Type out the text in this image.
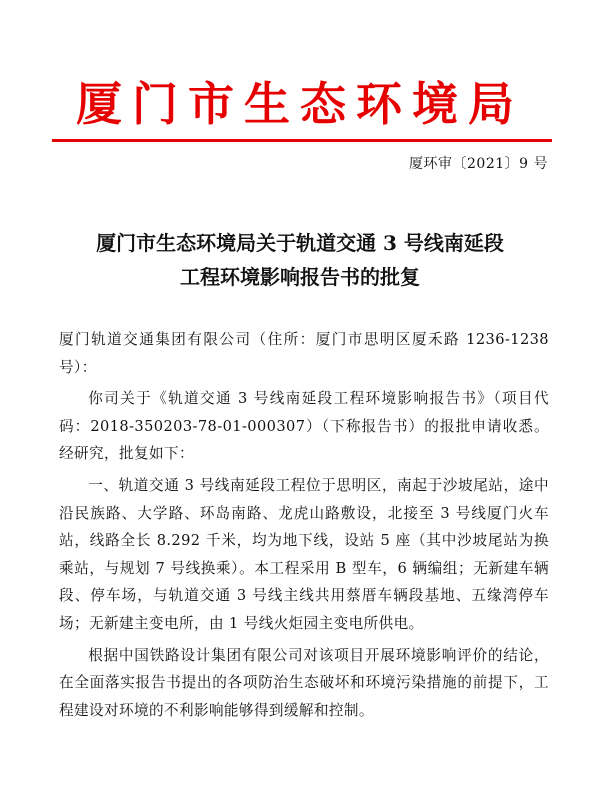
厦门市生态环境局
厦环审〔2021〕9 号
厦门市生态环境局关于轨道交通 3 号线南延段
工程环境影响报告书的批复

厦门轨道交通集团有限公司（住所：厦门市思明区厦禾路 1236-1238 号）：

你司关于《轨道交通 3 号线南延段工程环境影响报告书》（项目代码：2018-350203-78-01-000307）（下称报告书）的报批申请收悉。经研究，批复如下：

一、轨道交通 3 号线南延段工程位于思明区，南起于沙坡尾站，途中沿民族路、大学路、环岛南路、龙虎山路敷设，北接至 3 号线厦门火车站，线路全长 8.292 千米，均为地下线，设站 5 座（其中沙坡尾站为换乘站，与规划 7 号线换乘）。本工程采用 B 型车，6 辆编组；无新建车辆段、停车场，与轨道交通 3 号线主线共用蔡厝车辆段基地、五缘湾停车场；无新建主变电所，由 1 号线火炬园主变电所供电。

根据中国铁路设计集团有限公司对该项目开展环境影响评价的结论，在全面落实报告书提出的各项防治生态破坏和环境污染措施的前提下，工程建设对环境的不利影响能够得到缓解和控制。
